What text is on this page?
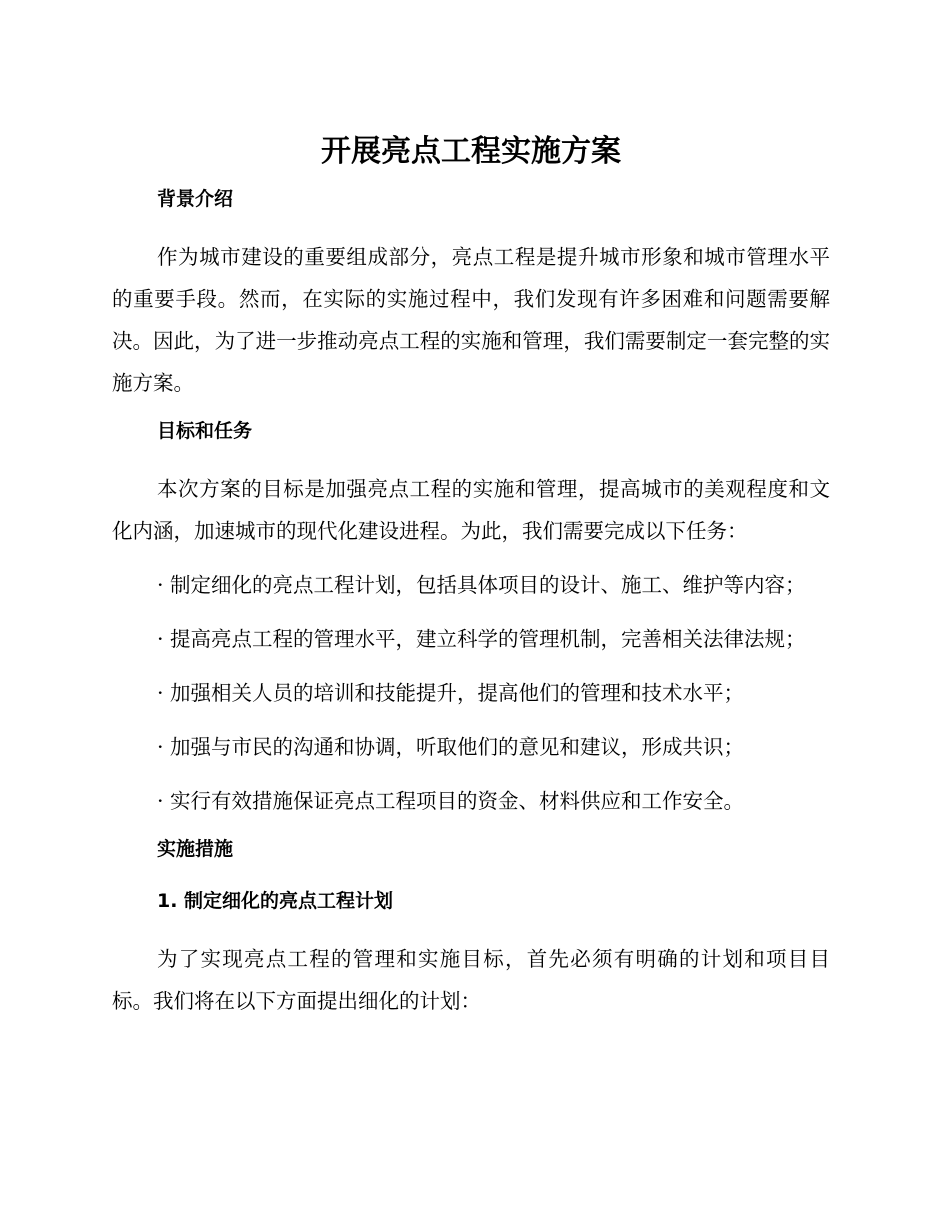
开展亮点工程实施方案
背景介绍

作为城市建设的重要组成部分，亮点工程是提升城市形象和城市管理水平的重要手段。然而，在实际的实施过程中，我们发现有许多困难和问题需要解决。因此，为了进一步推动亮点工程的实施和管理，我们需要制定一套完整的实施方案。

目标和任务

本次方案的目标是加强亮点工程的实施和管理，提高城市的美观程度和文化内涵，加速城市的现代化建设进程。为此，我们需要完成以下任务：

· 制定细化的亮点工程计划，包括具体项目的设计、施工、维护等内容；

· 提高亮点工程的管理水平，建立科学的管理机制，完善相关法律法规；

· 加强相关人员的培训和技能提升，提高他们的管理和技术水平；

· 加强与市民的沟通和协调，听取他们的意见和建议，形成共识；

· 实行有效措施保证亮点工程项目的资金、材料供应和工作安全。

实施措施
1. 制定细化的亮点工程计划

为了实现亮点工程的管理和实施目标，首先必须有明确的计划和项目目标。我们将在以下方面提出细化的计划：
